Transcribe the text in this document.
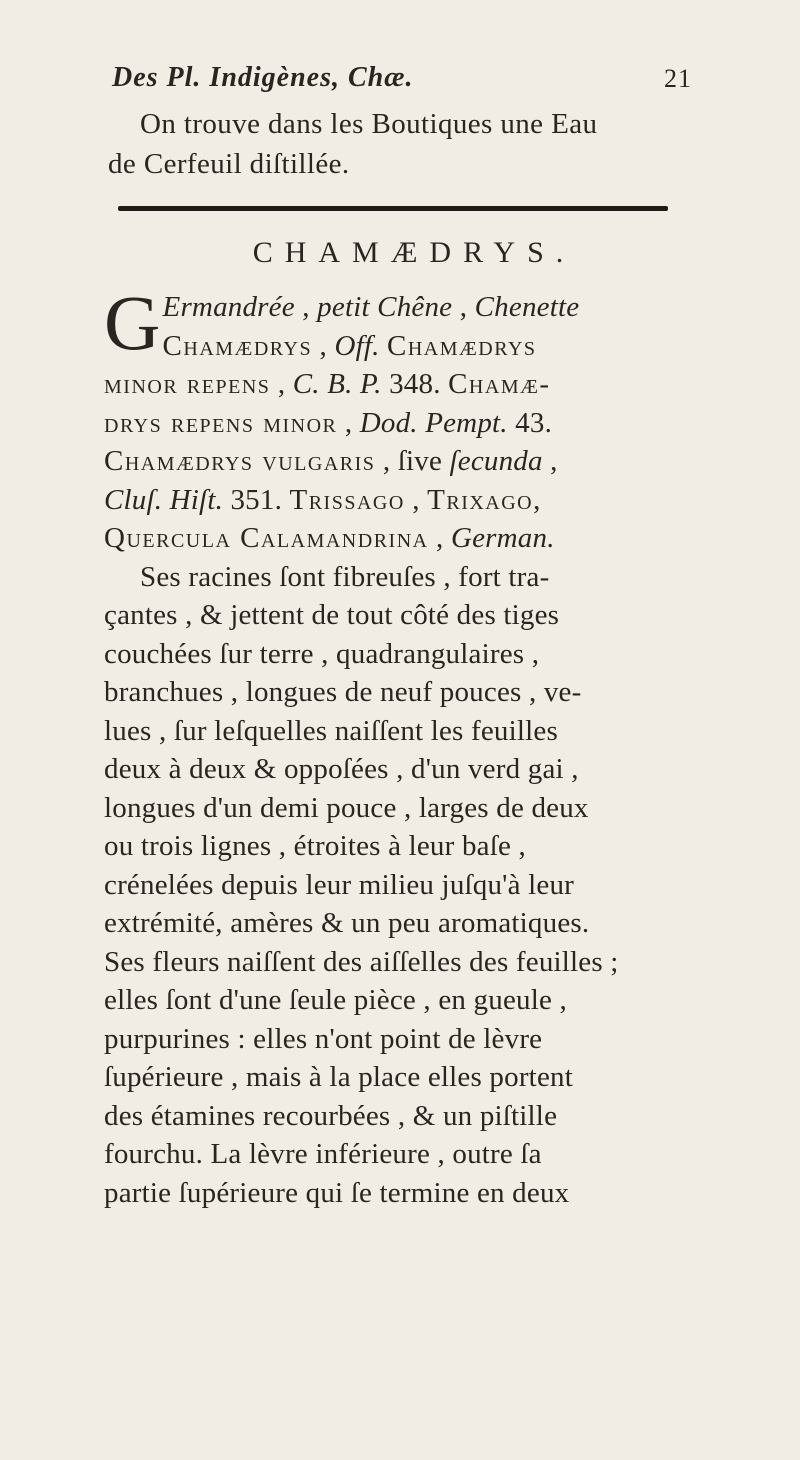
Des Pl. Indigènes, Chæ.	21
On trouve dans les Boutiques une Eau
de Cerfeuil diſtillée.
CHAMÆDRYS.
G Ermandrée , petit Chêne , Chenette
Chamædrys , Off. Chamædrys
minor repens , C. B. P. 348. Chamæ-
drys repens minor , Dod. Pempt. 43.
Chamædrys vulgaris , ſive ſecunda ,
Cluſ. Hiſt. 351. Trissago , Trixago,
Quercula Calamandrina , German.
Ses racines ſont fibreuſes , fort tra-
çantes , & jettent de tout côté des tiges
couchées ſur terre , quadrangulaires ,
branchues , longues de neuf pouces , ve-
lues , ſur leſquelles naiſſent les feuilles
deux à deux & oppoſées , d'un verd gai ,
longues d'un demi pouce , larges de deux
ou trois lignes , étroites à leur baſe ,
crénelées depuis leur milieu juſqu'à leur
extrémité, amères & un peu aromatiques.
Ses fleurs naiſſent des aiſſelles des feuilles ;
elles ſont d'une ſeule pièce , en gueule ,
purpurines : elles n'ont point de lèvre
ſupérieure , mais à la place elles portent
des étamines recourbées , & un piſtille
fourchu. La lèvre inférieure , outre ſa
partie ſupérieure qui ſe termine en deux
